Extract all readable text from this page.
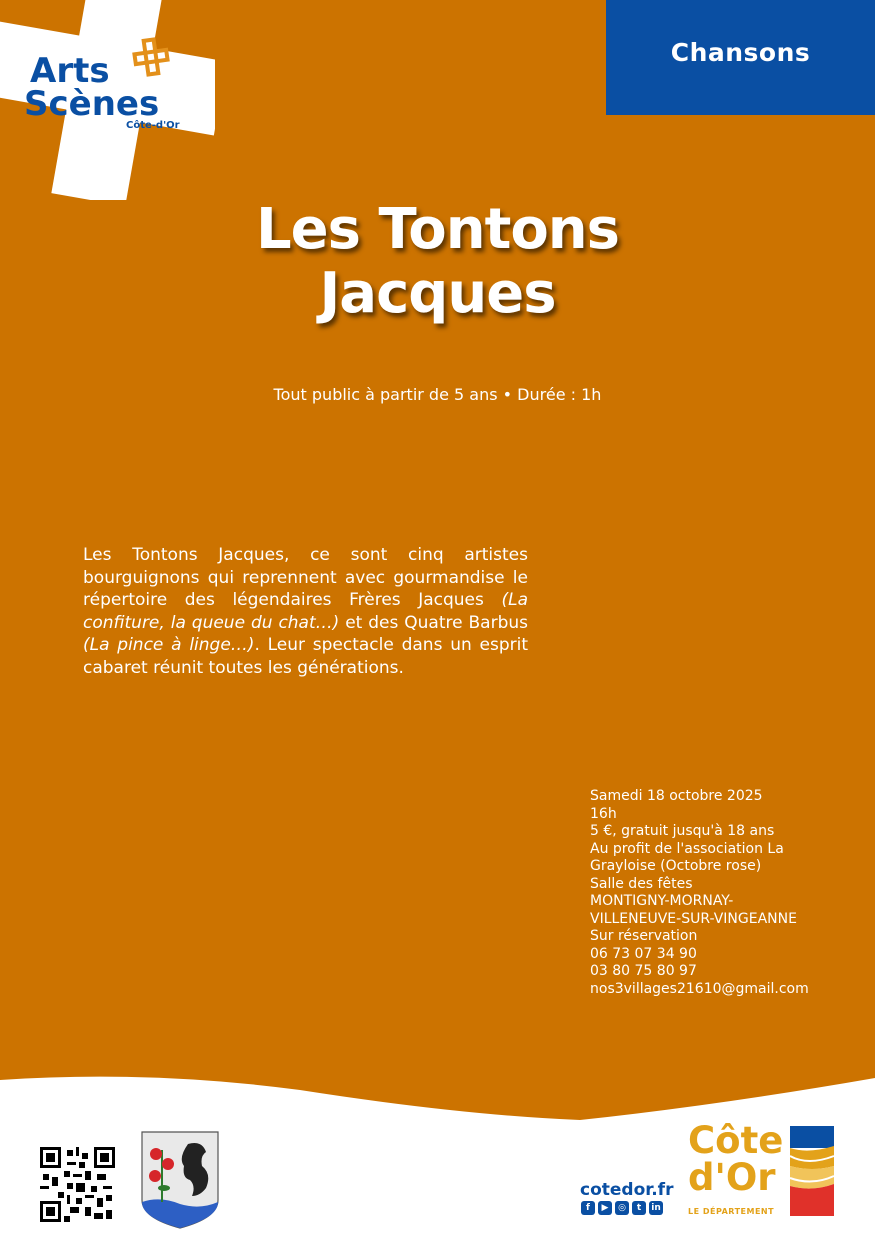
Arts
Scènes
Côte-d'Or
Chansons
Les Tontons
Jacques
Tout public à partir de 5 ans • Durée : 1h
Les Tontons Jacques, ce sont cinq artistes bourguignons qui reprennent avec gourmandise le répertoire des légendaires Frères Jacques (La confiture, la queue du chat…) et des Quatre Barbus (La pince à linge…). Leur spectacle dans un esprit cabaret réunit toutes les générations.
Samedi 18 octobre 2025
16h
5 €, gratuit jusqu'à 18 ans
Au profit de l'association La
Grayloise (Octobre rose)
Salle des fêtes
MONTIGNY-MORNAY-
VILLENEUVE-SUR-VINGEANNE
Sur réservation
06 73 07 34 90
03 80 75 80 97
nos3villages21610@gmail.com
cotedor.fr
f	▶	◎	t	in
Côte
d'Or
LE DÉPARTEMENT
